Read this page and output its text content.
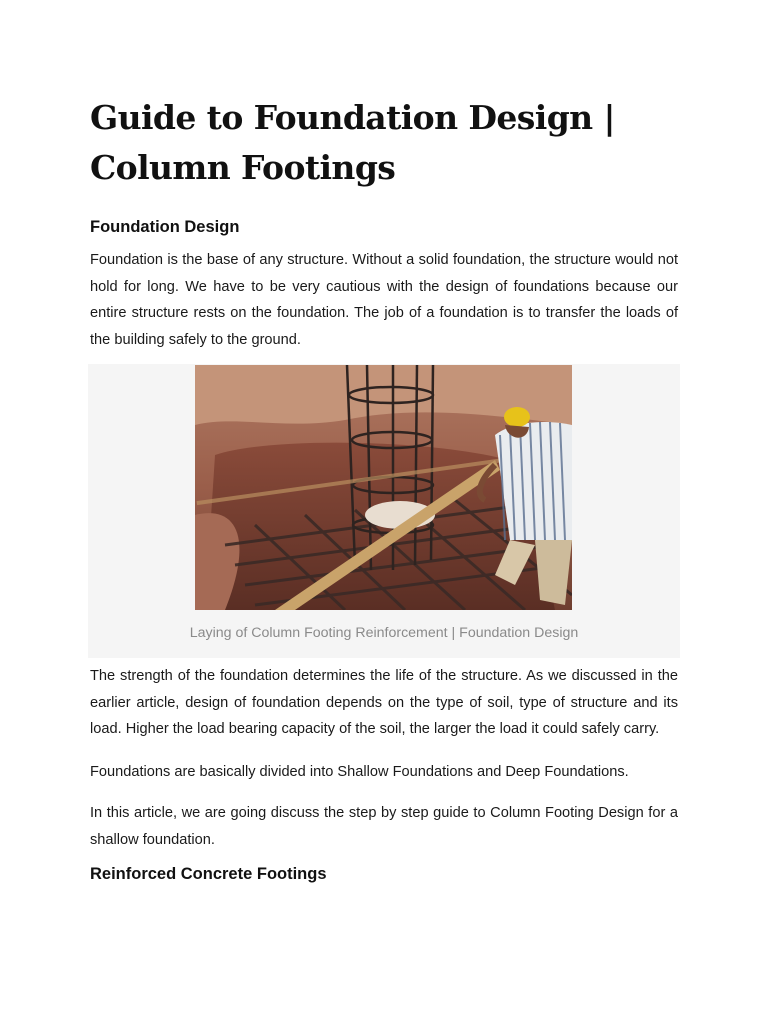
Guide to Foundation Design | Column Footings
Foundation Design

Foundation is the base of any structure. Without a solid foundation, the structure would not hold for long. We have to be very cautious with the design of foundations because our entire structure rests on the foundation. The job of a foundation is to transfer the loads of the building safely to the ground.

Laying of Column Footing Reinforcement | Foundation Design

The strength of the foundation determines the life of the structure. As we discussed in the earlier article, design of foundation depends on the type of soil, type of structure and its load. Higher the load bearing capacity of the soil, the larger the load it could safely carry.

Foundations are basically divided into Shallow Foundations and Deep Foundations.

In this article, we are going discuss the step by step guide to Column Footing Design for a shallow foundation.

Reinforced Concrete Footings
